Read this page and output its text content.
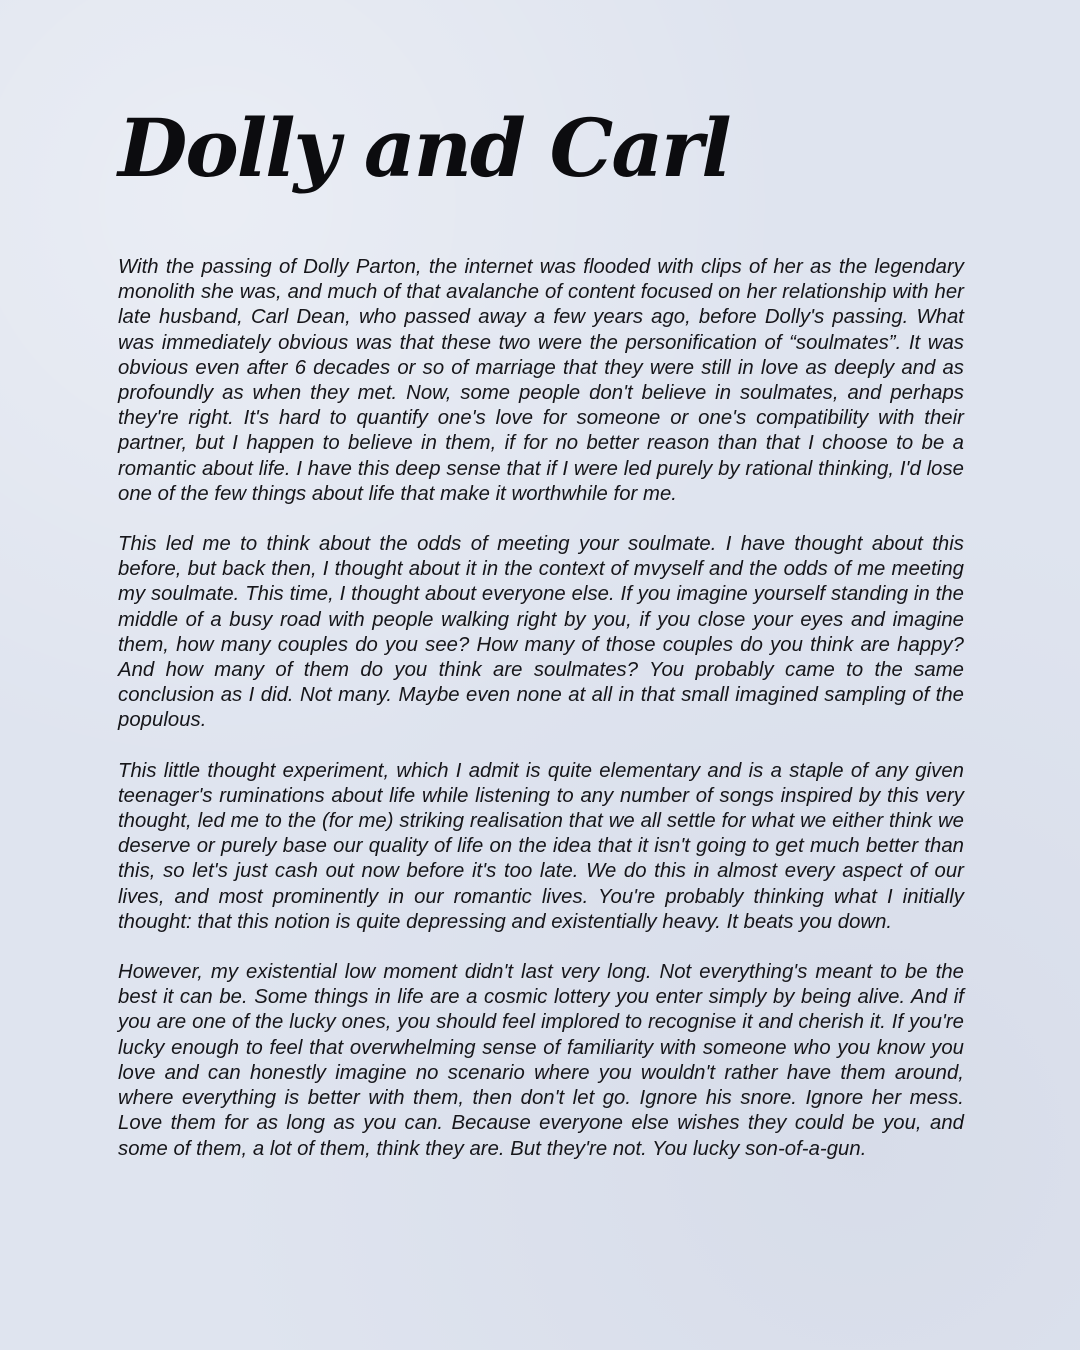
Dolly and Carl

With the passing of Dolly Parton, the internet was flooded with clips of her as the legendary monolith she was, and much of that avalanche of content focused on her relationship with her late husband, Carl Dean, who passed away a few years ago, before Dolly's passing. What was immediately obvious was that these two were the personification of “soulmates”. It was obvious even after 6 decades or so of marriage that they were still in love as deeply and as profoundly as when they met. Now, some people don't believe in soulmates, and perhaps they're right. It's hard to quantify one's love for someone or one's compatibility with their partner, but I happen to believe in them, if for no better reason than that I choose to be a romantic about life. I have this deep sense that if I were led purely by rational thinking, I'd lose one of the few things about life that make it worthwhile for me.

This led me to think about the odds of meeting your soulmate. I have thought about this before, but back then, I thought about it in the context of mvyself and the odds of me meeting my soulmate. This time, I thought about everyone else. If you imagine yourself standing in the middle of a busy road with people walking right by you, if you close your eyes and imagine them, how many couples do you see? How many of those couples do you think are happy? And how many of them do you think are soulmates? You probably came to the same conclusion as I did. Not many. Maybe even none at all in that small imagined sampling of the populous.

This little thought experiment, which I admit is quite elementary and is a staple of any given teenager's ruminations about life while listening to any number of songs inspired by this very thought, led me to the (for me) striking realisation that we all settle for what we either think we deserve or purely base our quality of life on the idea that it isn't going to get much better than this, so let's just cash out now before it's too late. We do this in almost every aspect of our lives, and most prominently in our romantic lives. You're probably thinking what I initially thought: that this notion is quite depressing and existentially heavy. It beats you down.

However, my existential low moment didn't last very long. Not everything's meant to be the best it can be. Some things in life are a cosmic lottery you enter simply by being alive. And if you are one of the lucky ones, you should feel implored to recognise it and cherish it. If you're lucky enough to feel that overwhelming sense of familiarity with someone who you know you love and can honestly imagine no scenario where you wouldn't rather have them around, where everything is better with them, then don't let go. Ignore his snore. Ignore her mess. Love them for as long as you can. Because everyone else wishes they could be you, and some of them, a lot of them, think they are. But they're not. You lucky son-of-a-gun.
